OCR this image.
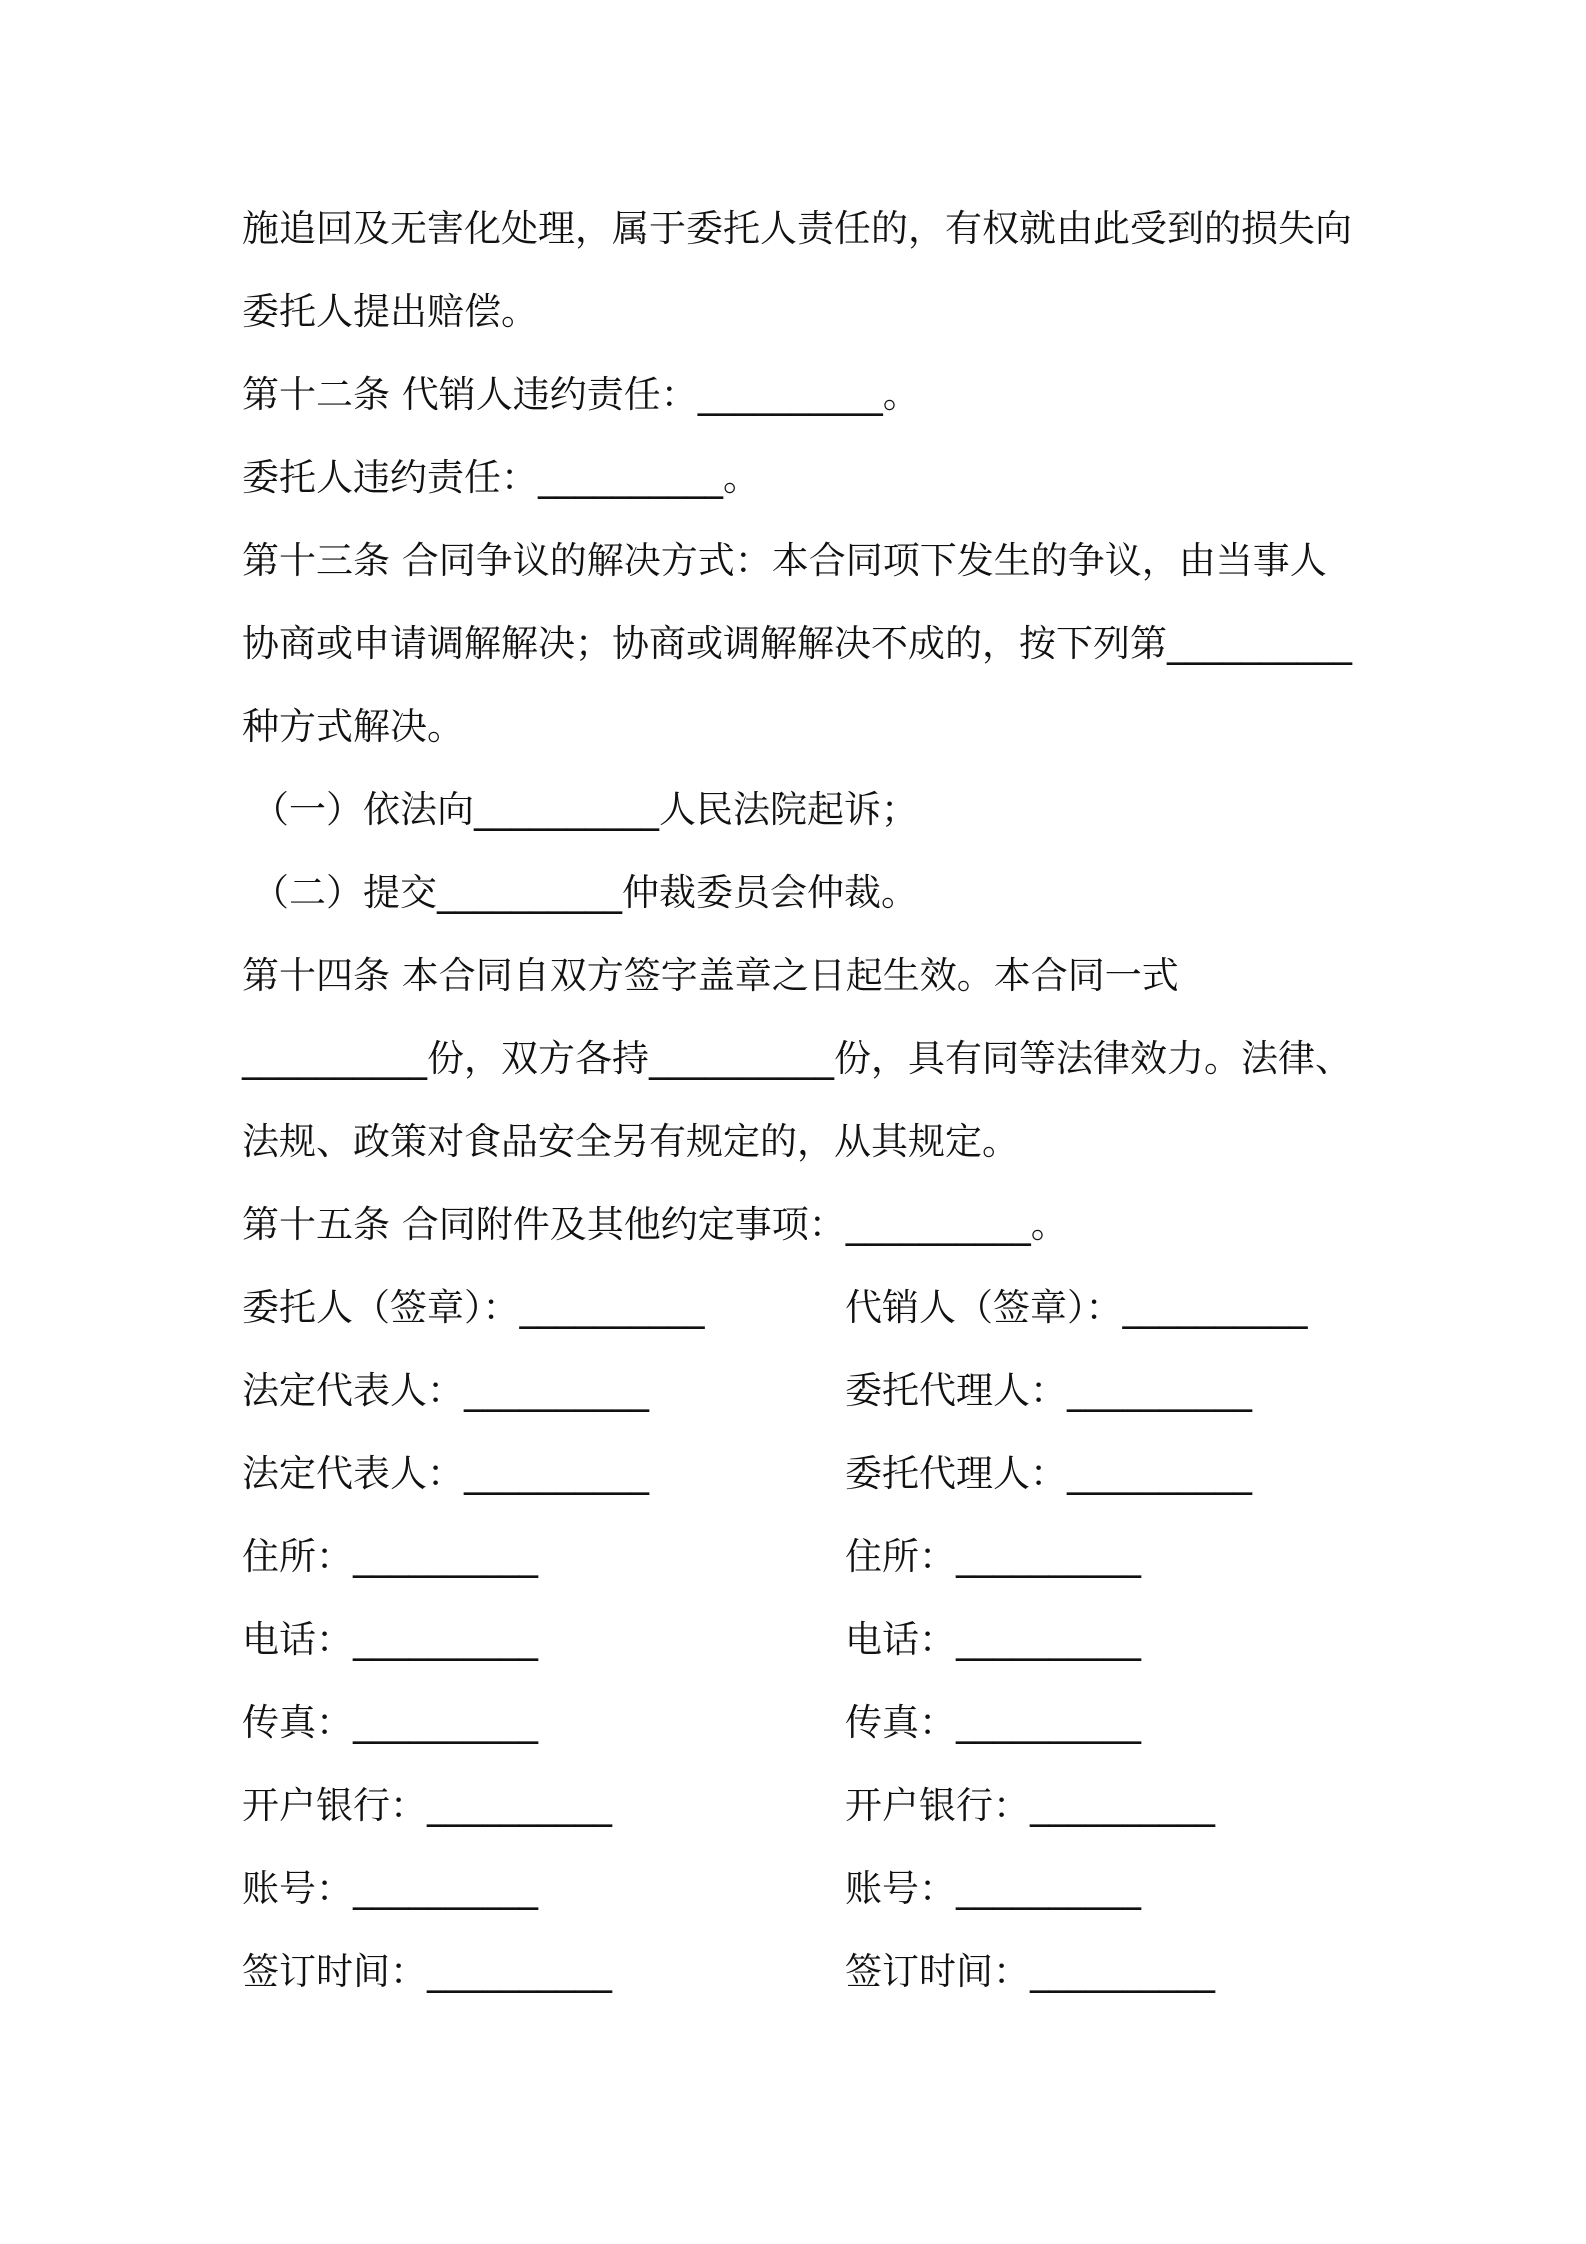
施追回及无害化处理，属于委托人责任的，有权就由此受到的损失向
委托人提出赔偿。
第十二条 代销人违约责任：__________。
委托人违约责任：__________。
第十三条 合同争议的解决方式：本合同项下发生的争议，由当事人
协商或申请调解解决；协商或调解解决不成的，按下列第__________
种方式解决。
（一）依法向__________人民法院起诉；
（二）提交__________仲裁委员会仲裁。
第十四条 本合同自双方签字盖章之日起生效。本合同一式
__________份，双方各持__________份，具有同等法律效力。法律、
法规、政策对食品安全另有规定的，从其规定。
第十五条 合同附件及其他约定事项：__________。
委托人（签章）：__________	代销人（签章）：__________
法定代表人：__________	委托代理人：__________
法定代表人：__________	委托代理人：__________
住所：__________	住所：__________
电话：__________	电话：__________
传真：__________	传真：__________
开户银行：__________	开户银行：__________
账号：__________	账号：__________
签订时间：__________	签订时间：__________
